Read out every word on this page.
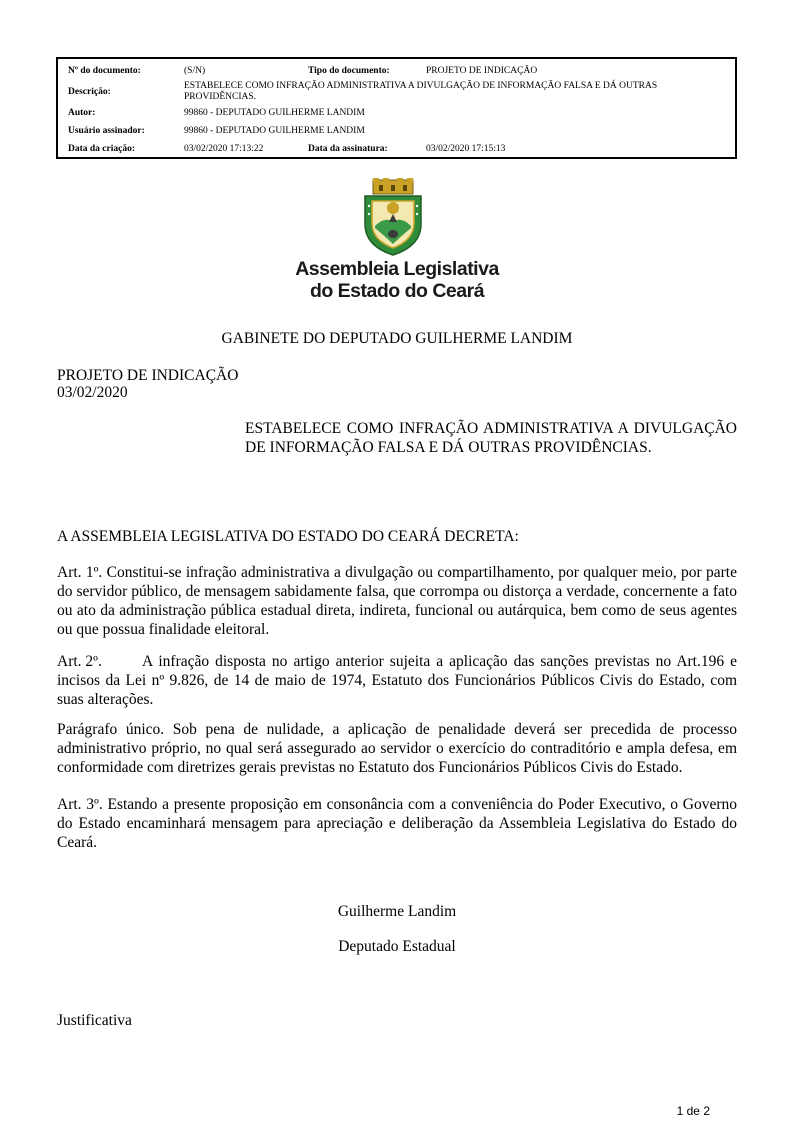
Nº do documento:	(S/N)	Tipo do documento:	PROJETO DE INDICAÇÃO
Descrição:
ESTABELECE COMO INFRAÇÃO ADMINISTRATIVA A DIVULGAÇÃO DE INFORMAÇÃO FALSA E DÁ OUTRAS PROVIDÊNCIAS.
Autor:	99860 - DEPUTADO GUILHERME LANDIM
Usuário assinador:	99860 - DEPUTADO GUILHERME LANDIM
Data da criação:	03/02/2020 17:13:22	Data da assinatura:	03/02/2020 17:15:13
Assembleia Legislativa
do Estado do Ceará
GABINETE DO DEPUTADO GUILHERME LANDIM
PROJETO DE INDICAÇÃO
03/02/2020
ESTABELECE COMO INFRAÇÃO ADMINISTRATIVA A DIVULGAÇÃO DE INFORMAÇÃO FALSA E DÁ OUTRAS PROVIDÊNCIAS.
A ASSEMBLEIA LEGISLATIVA DO ESTADO DO CEARÁ DECRETA:
Art. 1º. Constitui-se infração administrativa a divulgação ou compartilhamento, por qualquer meio, por parte do servidor público, de mensagem sabidamente falsa, que corrompa ou distorça a verdade, concernente a fato ou ato da administração pública estadual direta, indireta, funcional ou autárquica, bem como de seus agentes ou que possua finalidade eleitoral.
A infração disposta no artigo anterior sujeita a aplicação das sanções previstas no Art.196 e incisos da Lei nº 9.826, de 14 de maio de 1974, Estatuto dos Funcionários Públicos Civis do Estado, com suas alterações.
Art. 2º.
Parágrafo único. Sob pena de nulidade, a aplicação de penalidade deverá ser precedida de processo administrativo próprio, no qual será assegurado ao servidor o exercício do contraditório e ampla defesa, em conformidade com diretrizes gerais previstas no Estatuto dos Funcionários Públicos Civis do Estado.
Art. 3º. Estando a presente proposição em consonância com a conveniência do Poder Executivo, o Governo do Estado encaminhará mensagem para apreciação e deliberação da Assembleia Legislativa do Estado do Ceará.
Guilherme Landim
Deputado Estadual
Justificativa
1 de 2
